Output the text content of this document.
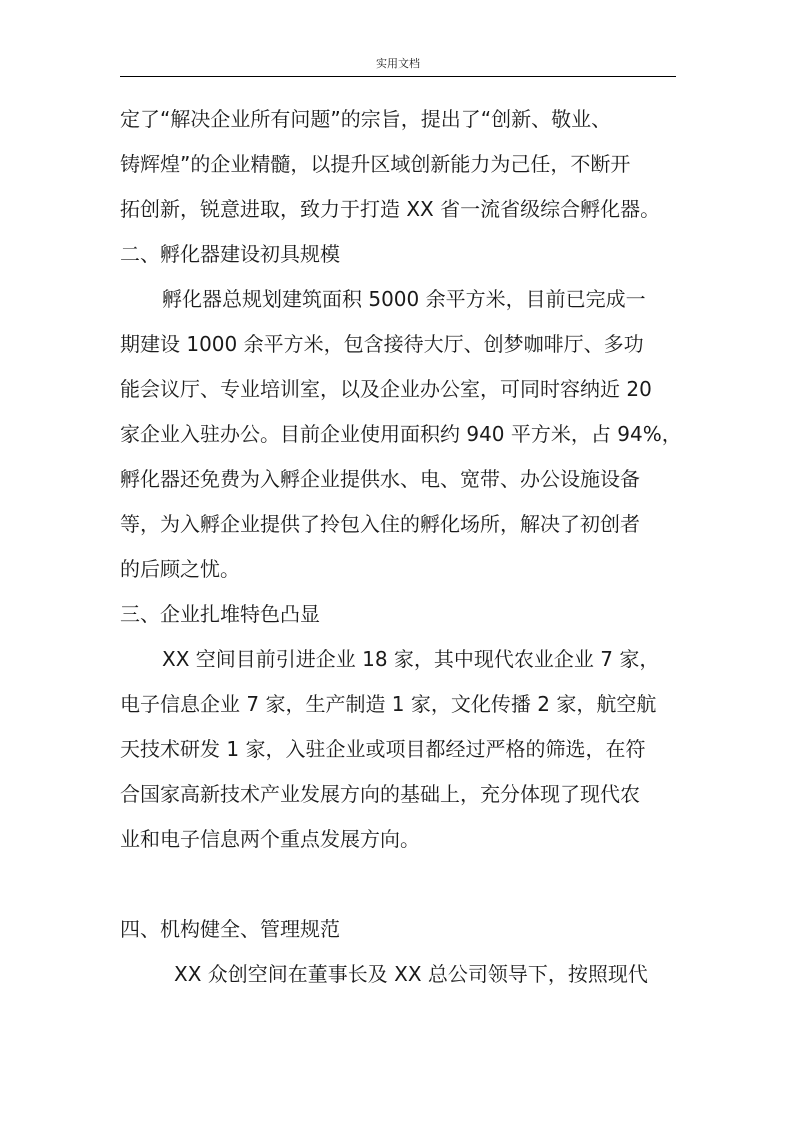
实用文档
定了“解决企业所有问题”的宗旨，提出了“创新、敬业、
铸辉煌”的企业精髓，以提升区域创新能力为己任，不断开
拓创新，锐意进取，致力于打造 XX 省一流省级综合孵化器。
二、孵化器建设初具规模
孵化器总规划建筑面积 5000 余平方米，目前已完成一
期建设 1000 余平方米，包含接待大厅、创梦咖啡厅、多功
能会议厅、专业培训室，以及企业办公室，可同时容纳近 20
家企业入驻办公。目前企业使用面积约 940 平方米，占 94%，
孵化器还免费为入孵企业提供水、电、宽带、办公设施设备
等，为入孵企业提供了拎包入住的孵化场所，解决了初创者
的后顾之忧。
三、企业扎堆特色凸显
XX 空间目前引进企业 18 家，其中现代农业企业 7 家，
电子信息企业 7 家，生产制造 1 家，文化传播 2 家，航空航
天技术研发 1 家，入驻企业或项目都经过严格的筛选，在符
合国家高新技术产业发展方向的基础上，充分体现了现代农
业和电子信息两个重点发展方向。
四、机构健全、管理规范
XX 众创空间在董事长及 XX 总公司领导下，按照现代
